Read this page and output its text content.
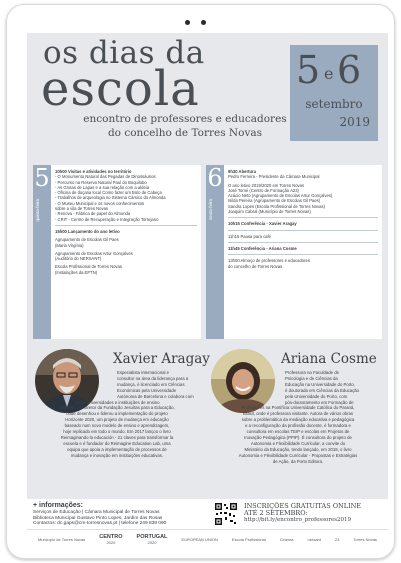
os dias da
escola
encontro de professores e educadores
do concelho de Torres Novas
5 e 6
setembro
2019
5
quinta-feira
10h00 Visitas e atividades no território
- O Monumento Natural das Pegadas de Dinossáurios
- Percurso na Reserva Natural Paul do Boquilobo
- As Grutas de Lapas e a sua relação com a aldeia
- Oficina de doçaria local Como fazer um Bolo de Cabeça
- Trabalhos de arqueologia no Sistema Cársico do Almonda
- O Museu Municipal e os novos conhecimentos
sobre a vila de Torres Novas
- Renova - Fábrica de papel do Almonda
- CRIT - Centro de Recuperação e Integração Torrejano
15h00 Lançamento do ano letivo
Agrupamento de Escolas Gil Paes
(Maria Virgínia)
Agrupamento de Escolas Artur Gonçalves
(Auditório do NERSANT)
Escola Profissional de Torres Novas
(Instalações da EPTN)
6
sexta-feira
9h30 Abertura
Pedro Ferreira - Presidente da Câmara Municipal
O ano letivo 2019/2020 em Torres Novas
José Tomé (Centro de Formação A23)
Acácio Neto (Agrupamento de Escolas Artur Gonçalves)
Isilda Pereira (Agrupamento de Escolas Gil Paes)
Sandra Lopes (Escola Profissional de Torres Novas)
Joaquim Cabral (Município de Torres Novas)
10h15 Conferência - Xavier Aragay
11h15 Pausa para café
11h45 Conferência - Ariana Cosme
13h00 Almoço de professores e educadores
do concelho de Torres Novas
Xavier Aragay
Especialista internacional e
consultor na área da liderança para a
mudança, é licenciado em Ciências
Económicas pela Universidade
Autónoma de Barcelona e colabora com
várias universidades e instituições de ensino
superior. Foi diretor da Fundação Jesuítas para a Educação,
onde desenhou e liderou a implementação do projeto
Horizonte 2020, um projeto de mudança em educação
baseado num novo modelo de ensino e aprendizagem,
hoje replicado em todo o mundo. Em 2017 lançou o livro
Reimaginando la educación - 21 claves para transformar la
escuela e é fundador do Reimagine Education Lab, uma
equipa que apoia a implementação de processos de
mudança e inovação em instituições educativas.
Ariana Cosme
Professora na Faculdade de
Psicologia e de Ciências da
Educação na Universidade do Porto,
é doutorada em Ciências da Educação
pela Universidade do Porto, com
pós-doutoramento em Formação de
Professores na Pontifícia Universidade Católica do Paraná,
Brasil, onde é professora visitante. Autora de vários obras
sobre a problemática da mediação educativa e pedagógica
e a reconfiguração da profissão docente, é formadora e
consultora em escolas TEIP e escolas em Projetos de
Inovação Pedagógica (PPIP). É consultora do projeto de
Autonomia e Flexibilidade Curricular, a convite do
Ministério da Educação, tendo lançado, em 2018, o livro
Autonomia e Flexibilidade Curricular - Propostas e Estratégias
de Ação, da Porto Editora.
+ informações:
Serviços de Educação | Câmara Municipal de Torres Novas
Biblioteca Municipal Gustavo Pinto Lopes, Jardim das Rosas
Contactos: dc.gaps@cm-torresnovas.pt | telefone 249 839 090
INSCRIÇÕES GRATUITAS ONLINE
ATÉ 2 SETEMBRO:
http://bit.ly/encontro_professores2019
Município de Torres Novas	CENTRO
2020
PORTUGAL
2020
EUROPEAN UNION	Escola Profissional	Cinema	nersant	23	Torres Novas
